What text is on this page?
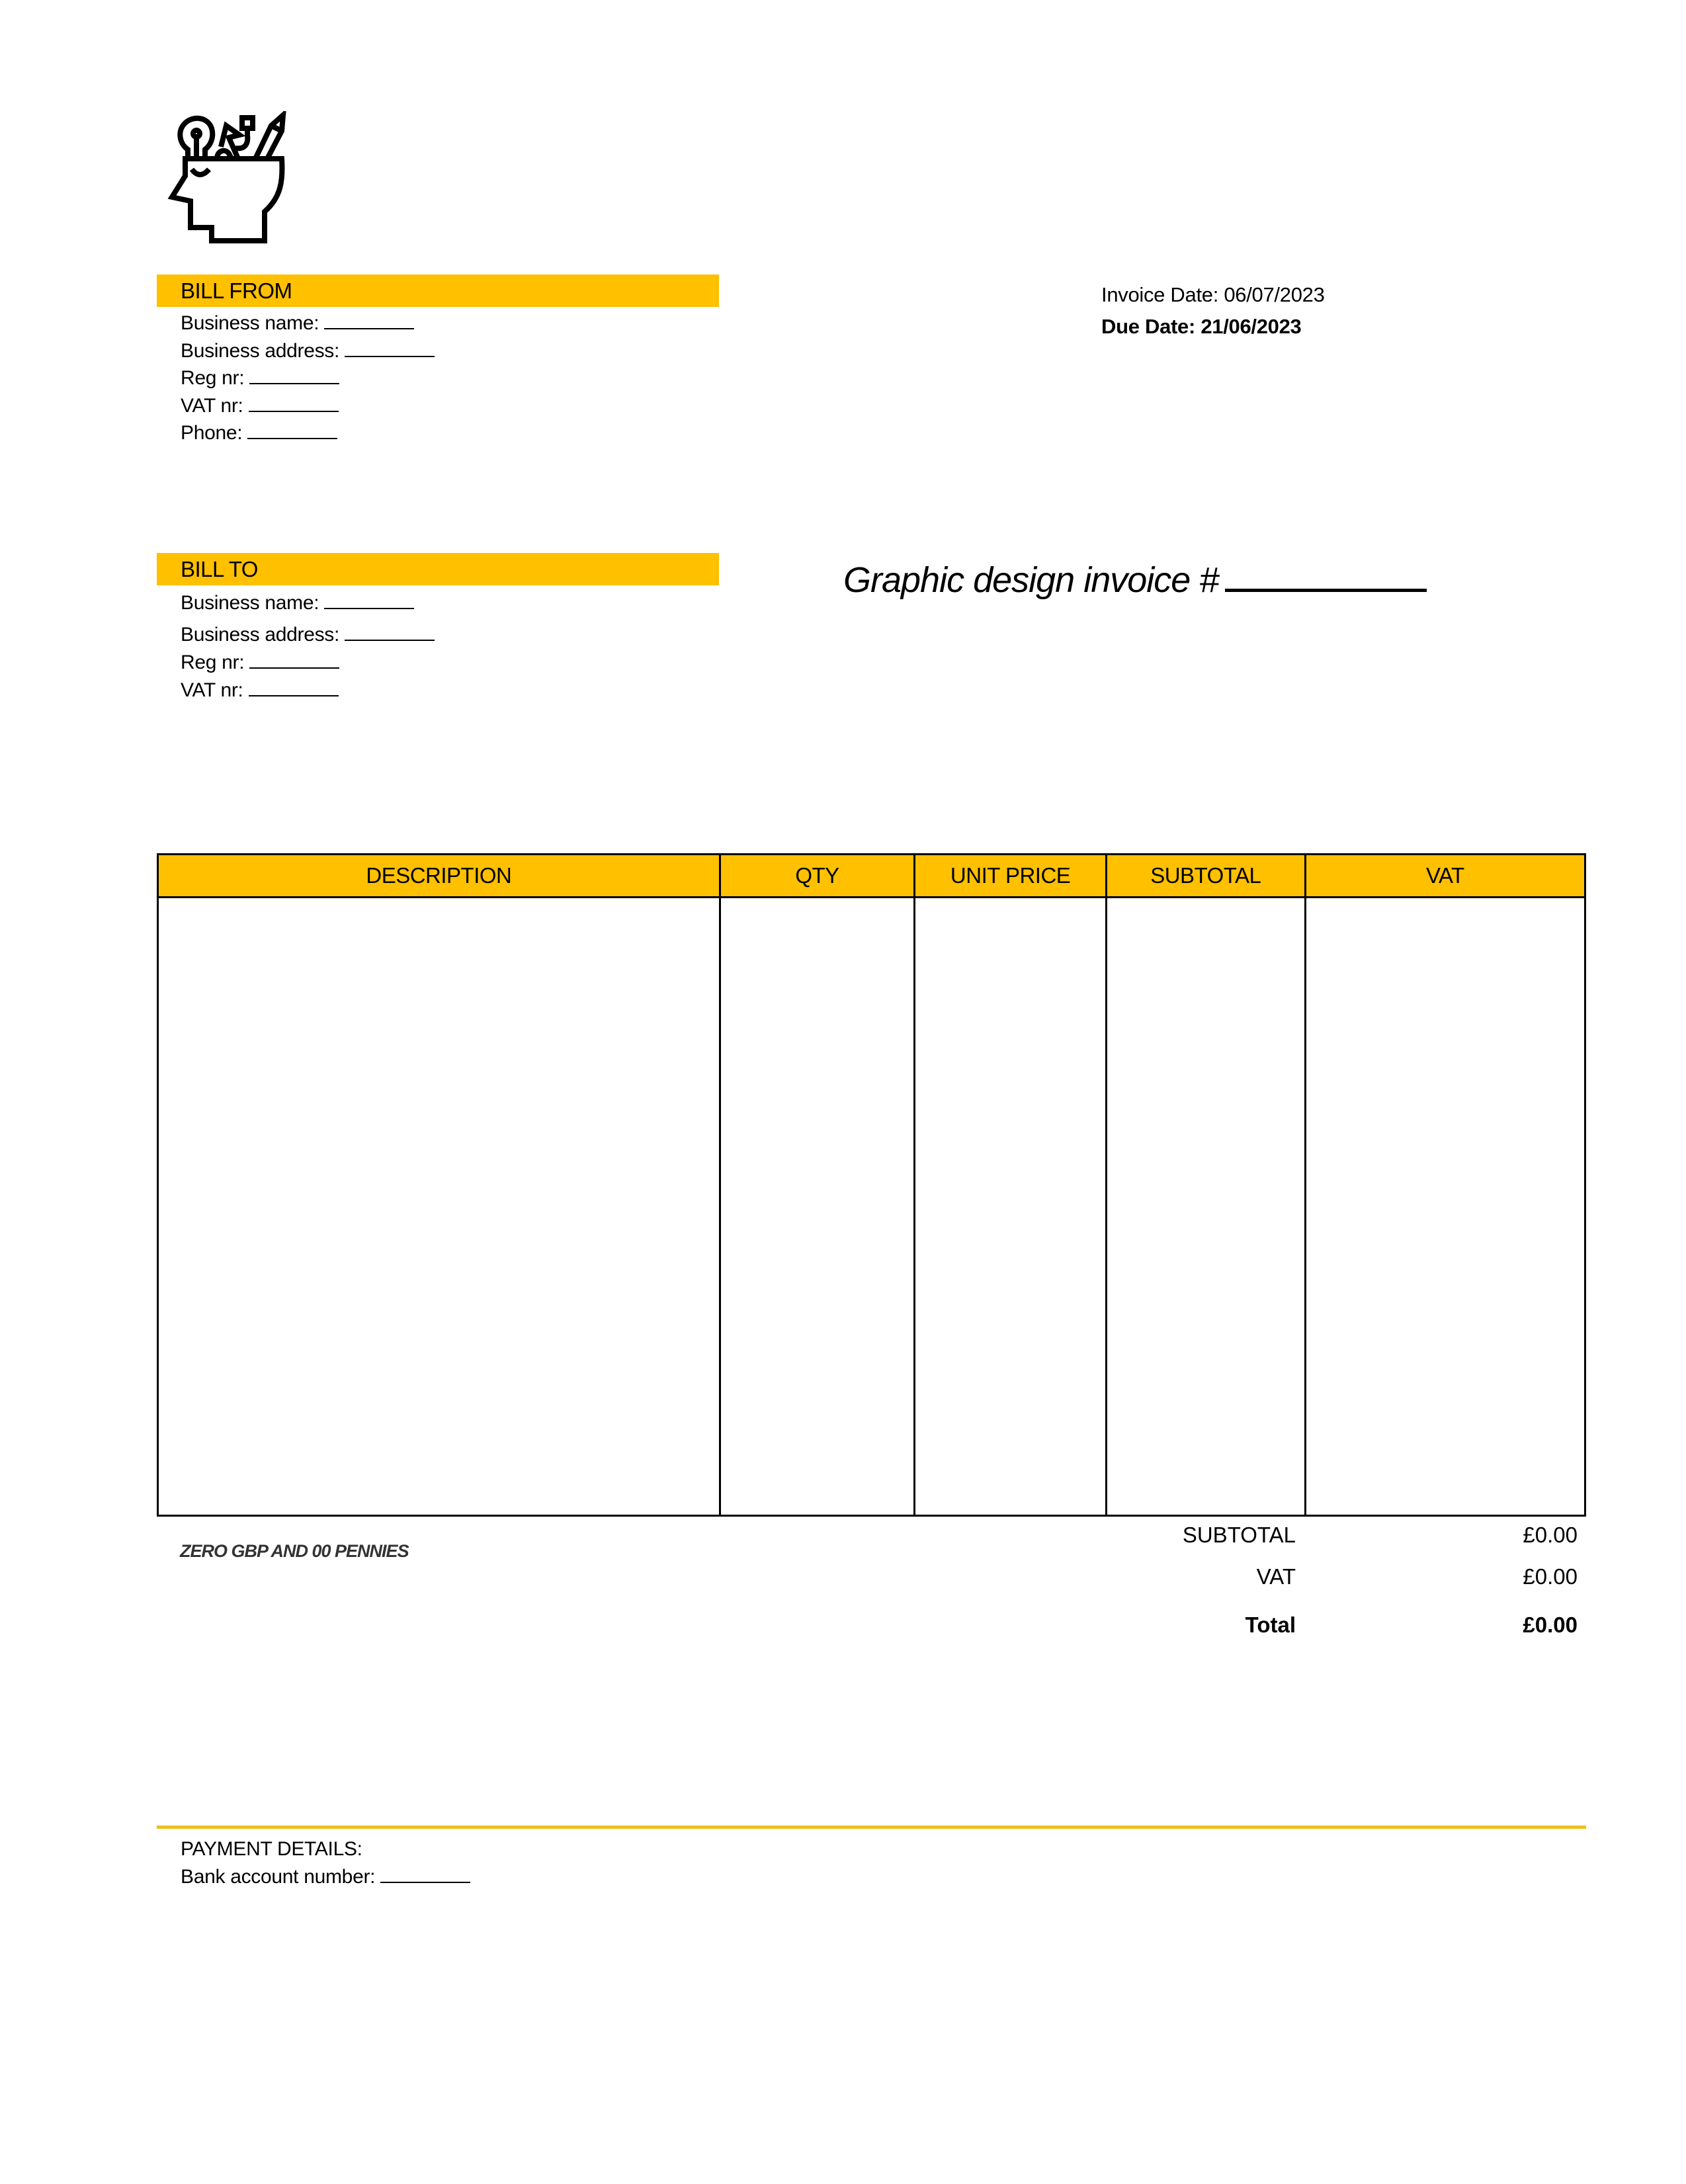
BILL FROM
Business name:
Business address:
Reg nr:
VAT nr:
Phone:
Invoice Date: 06/07/2023
Due Date: 21/06/2023
BILL TO
Business name:
Business address:
Reg nr:
VAT nr:
Graphic design invoice #
DESCRIPTION	QTY	UNIT PRICE	SUBTOTAL	VAT

ZERO GBP AND 00 PENNIES
SUBTOTAL	£0.00
VAT	£0.00
Total	£0.00
PAYMENT DETAILS:
Bank account number:
